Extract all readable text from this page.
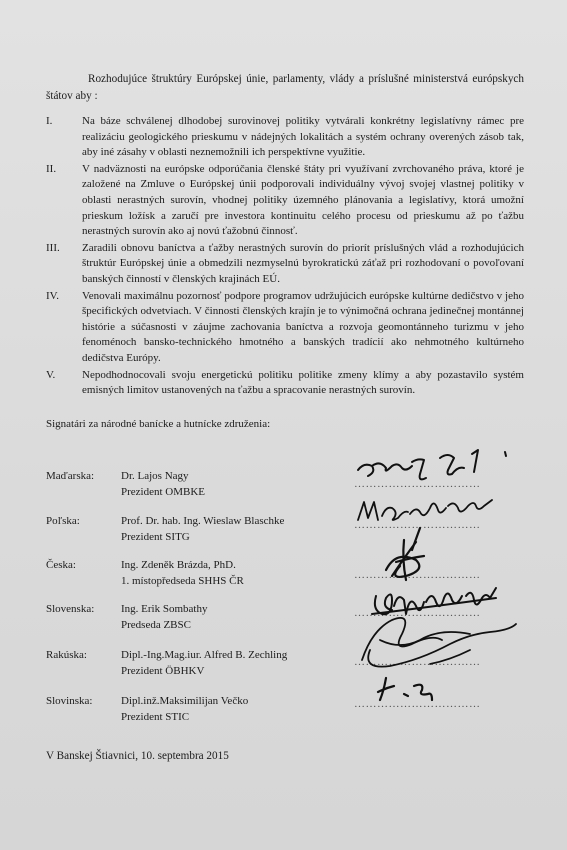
Rozhodujúce štruktúry Európskej únie, parlamenty, vlády a príslušné ministerstvá európskych štátov aby :

I.	Na báze schválenej dlhodobej surovinovej politiky vytvárali konkrétny legislatívny rámec pre realizáciu geologického prieskumu v nádejných lokalitách a systém ochrany overených zásob tak, aby iné zásahy v oblasti neznemožnili ich perspektívne využitie.
II.	V nadväznosti na európske odporúčania členské štáty pri využívaní zvrchovaného práva, ktoré je založené na Zmluve o Európskej únii podporovali individuálny vývoj svojej vlastnej politiky v oblasti nerastných surovín, vhodnej politiky územného plánovania a legislatívy, ktorá umožní prieskum ložísk a zaručí pre investora kontinuitu celého procesu od prieskumu až po ťažbu nerastných surovín ako aj novú ťažobnú činnosť.
III.	Zaradili obnovu baníctva a ťažby nerastných surovín do priorít príslušných vlád a rozhodujúcich štruktúr Európskej únie a obmedzili nezmyselnú byrokratickú záťaž pri rozhodovaní o povoľovaní banských činností v členských krajinách EÚ.
IV.	Venovali maximálnu pozornosť podpore programov udržujúcich európske kultúrne dedičstvo v jeho špecifických odvetviach. V činnosti členských krajín je to výnimočná ochrana jedinečnej montánnej histórie a súčasnosti v záujme zachovania baníctva a rozvoja geomontánneho turizmu v jeho fenoménoch bansko-technického hmotného a banských tradícií ako nehmotného kultúrneho dedičstva Európy.
V.	Nepodhodnocovali svoju energetickú politiku politike zmeny klímy a aby pozastavilo systém emisných limitov ustanovených na ťažbu a spracovanie nerastných surovín.
Signatári za národné banícke a hutnícke združenia:
Maďarska: Dr. Lajos Nagy
Prezident OMBKE
……………………………
Poľska:	Prof. Dr. hab. Ing. Wieslaw Blaschke
Prezident SITG
……………………………
Česka:	Ing. Zdeněk Brázda, PhD.
1. místopředseda SHHS ČR	……………………………
Slovenska: Ing. Erik Sombathy
Predseda ZBSC
……………………………
Rakúska:	Dipl.-Ing.Mag.iur. Alfred B. Zechling
Prezident ÖBHKV
……………………………
Slovinska:	Dipl.inž.Maksimilijan Večko
Prezident STIC
……………………………
V Banskej Štiavnici, 10. septembra 2015
